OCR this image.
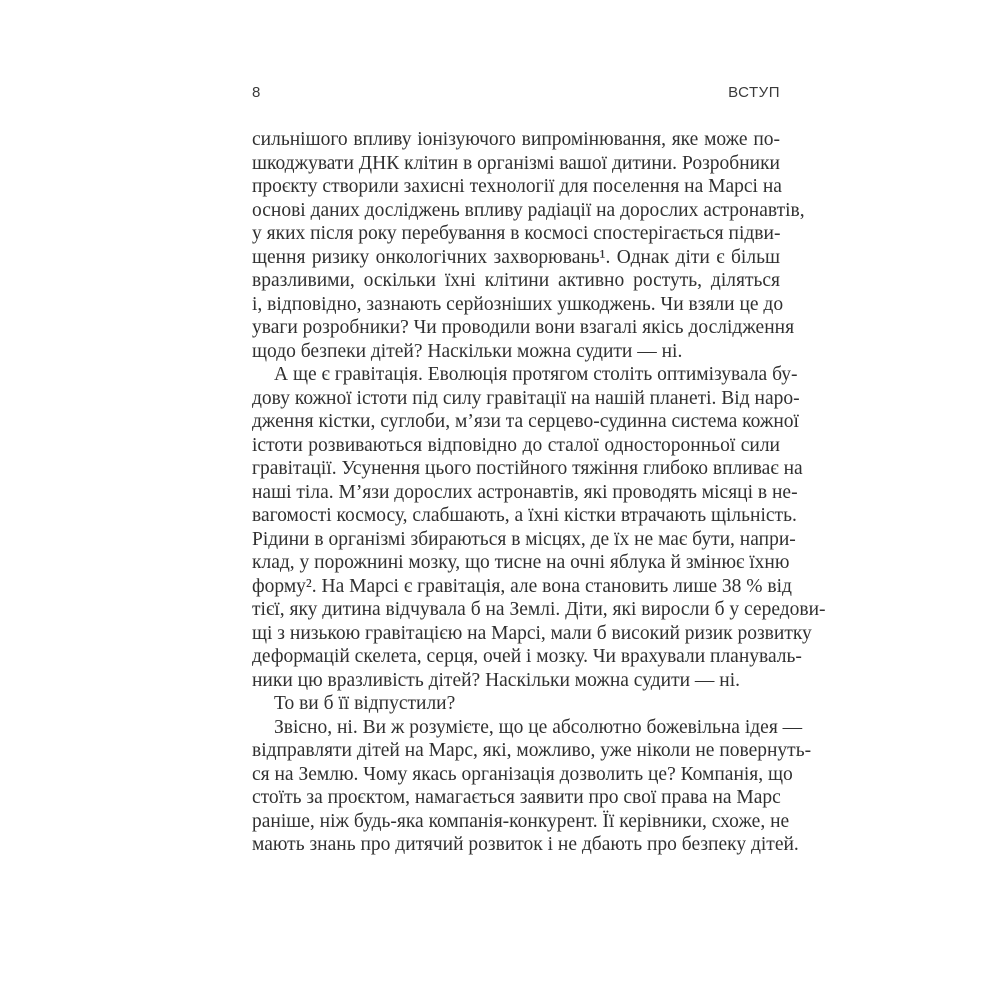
8	ВСТУП
сильнішого впливу іонізуючого випромінювання, яке може по-
шкоджувати ДНК клітин в організмі вашої дитини. Розробники
проєкту створили захисні технології для поселення на Марсі на
основі даних досліджень впливу радіації на дорослих астронавтів,
у яких після року перебування в космосі спостерігається підви-
щення ризику онкологічних захворювань¹. Однак діти є більш
вразливими, оскільки їхні клітини активно ростуть, діляться
і, відповідно, зазнають серйозніших ушкоджень. Чи взяли це до
уваги розробники? Чи проводили вони взагалі якісь дослідження
щодо безпеки дітей? Наскільки можна судити — ні.
А ще є гравітація. Еволюція протягом століть оптимізувала бу-
дову кожної істоти під силу гравітації на нашій планеті. Від наро-
дження кістки, суглоби, м’язи та серцево-судинна система кожної
істоти розвиваються відповідно до сталої односторонньої сили
гравітації. Усунення цього постійного тяжіння глибоко впливає на
наші тіла. М’язи дорослих астронавтів, які проводять місяці в не-
вагомості космосу, слабшають, а їхні кістки втрачають щільність.
Рідини в організмі збираються в місцях, де їх не має бути, напри-
клад, у порожнині мозку, що тисне на очні яблука й змінює їхню
форму². На Марсі є гравітація, але вона становить лише 38 % від
тієї, яку дитина відчувала б на Землі. Діти, які виросли б у середови-
щі з низькою гравітацією на Марсі, мали б високий ризик розвитку
деформацій скелета, серця, очей і мозку. Чи врахували плануваль-
ники цю вразливість дітей? Наскільки можна судити — ні.
То ви б її відпустили?
Звісно, ні. Ви ж розумієте, що це абсолютно божевільна ідея —
відправляти дітей на Марс, які, можливо, уже ніколи не повернуть-
ся на Землю. Чому якась організація дозволить це? Компанія, що
стоїть за проєктом, намагається заявити про свої права на Марс
раніше, ніж будь-яка компанія-конкурент. Її керівники, схоже, не
мають знань про дитячий розвиток і не дбають про безпеку дітей.
